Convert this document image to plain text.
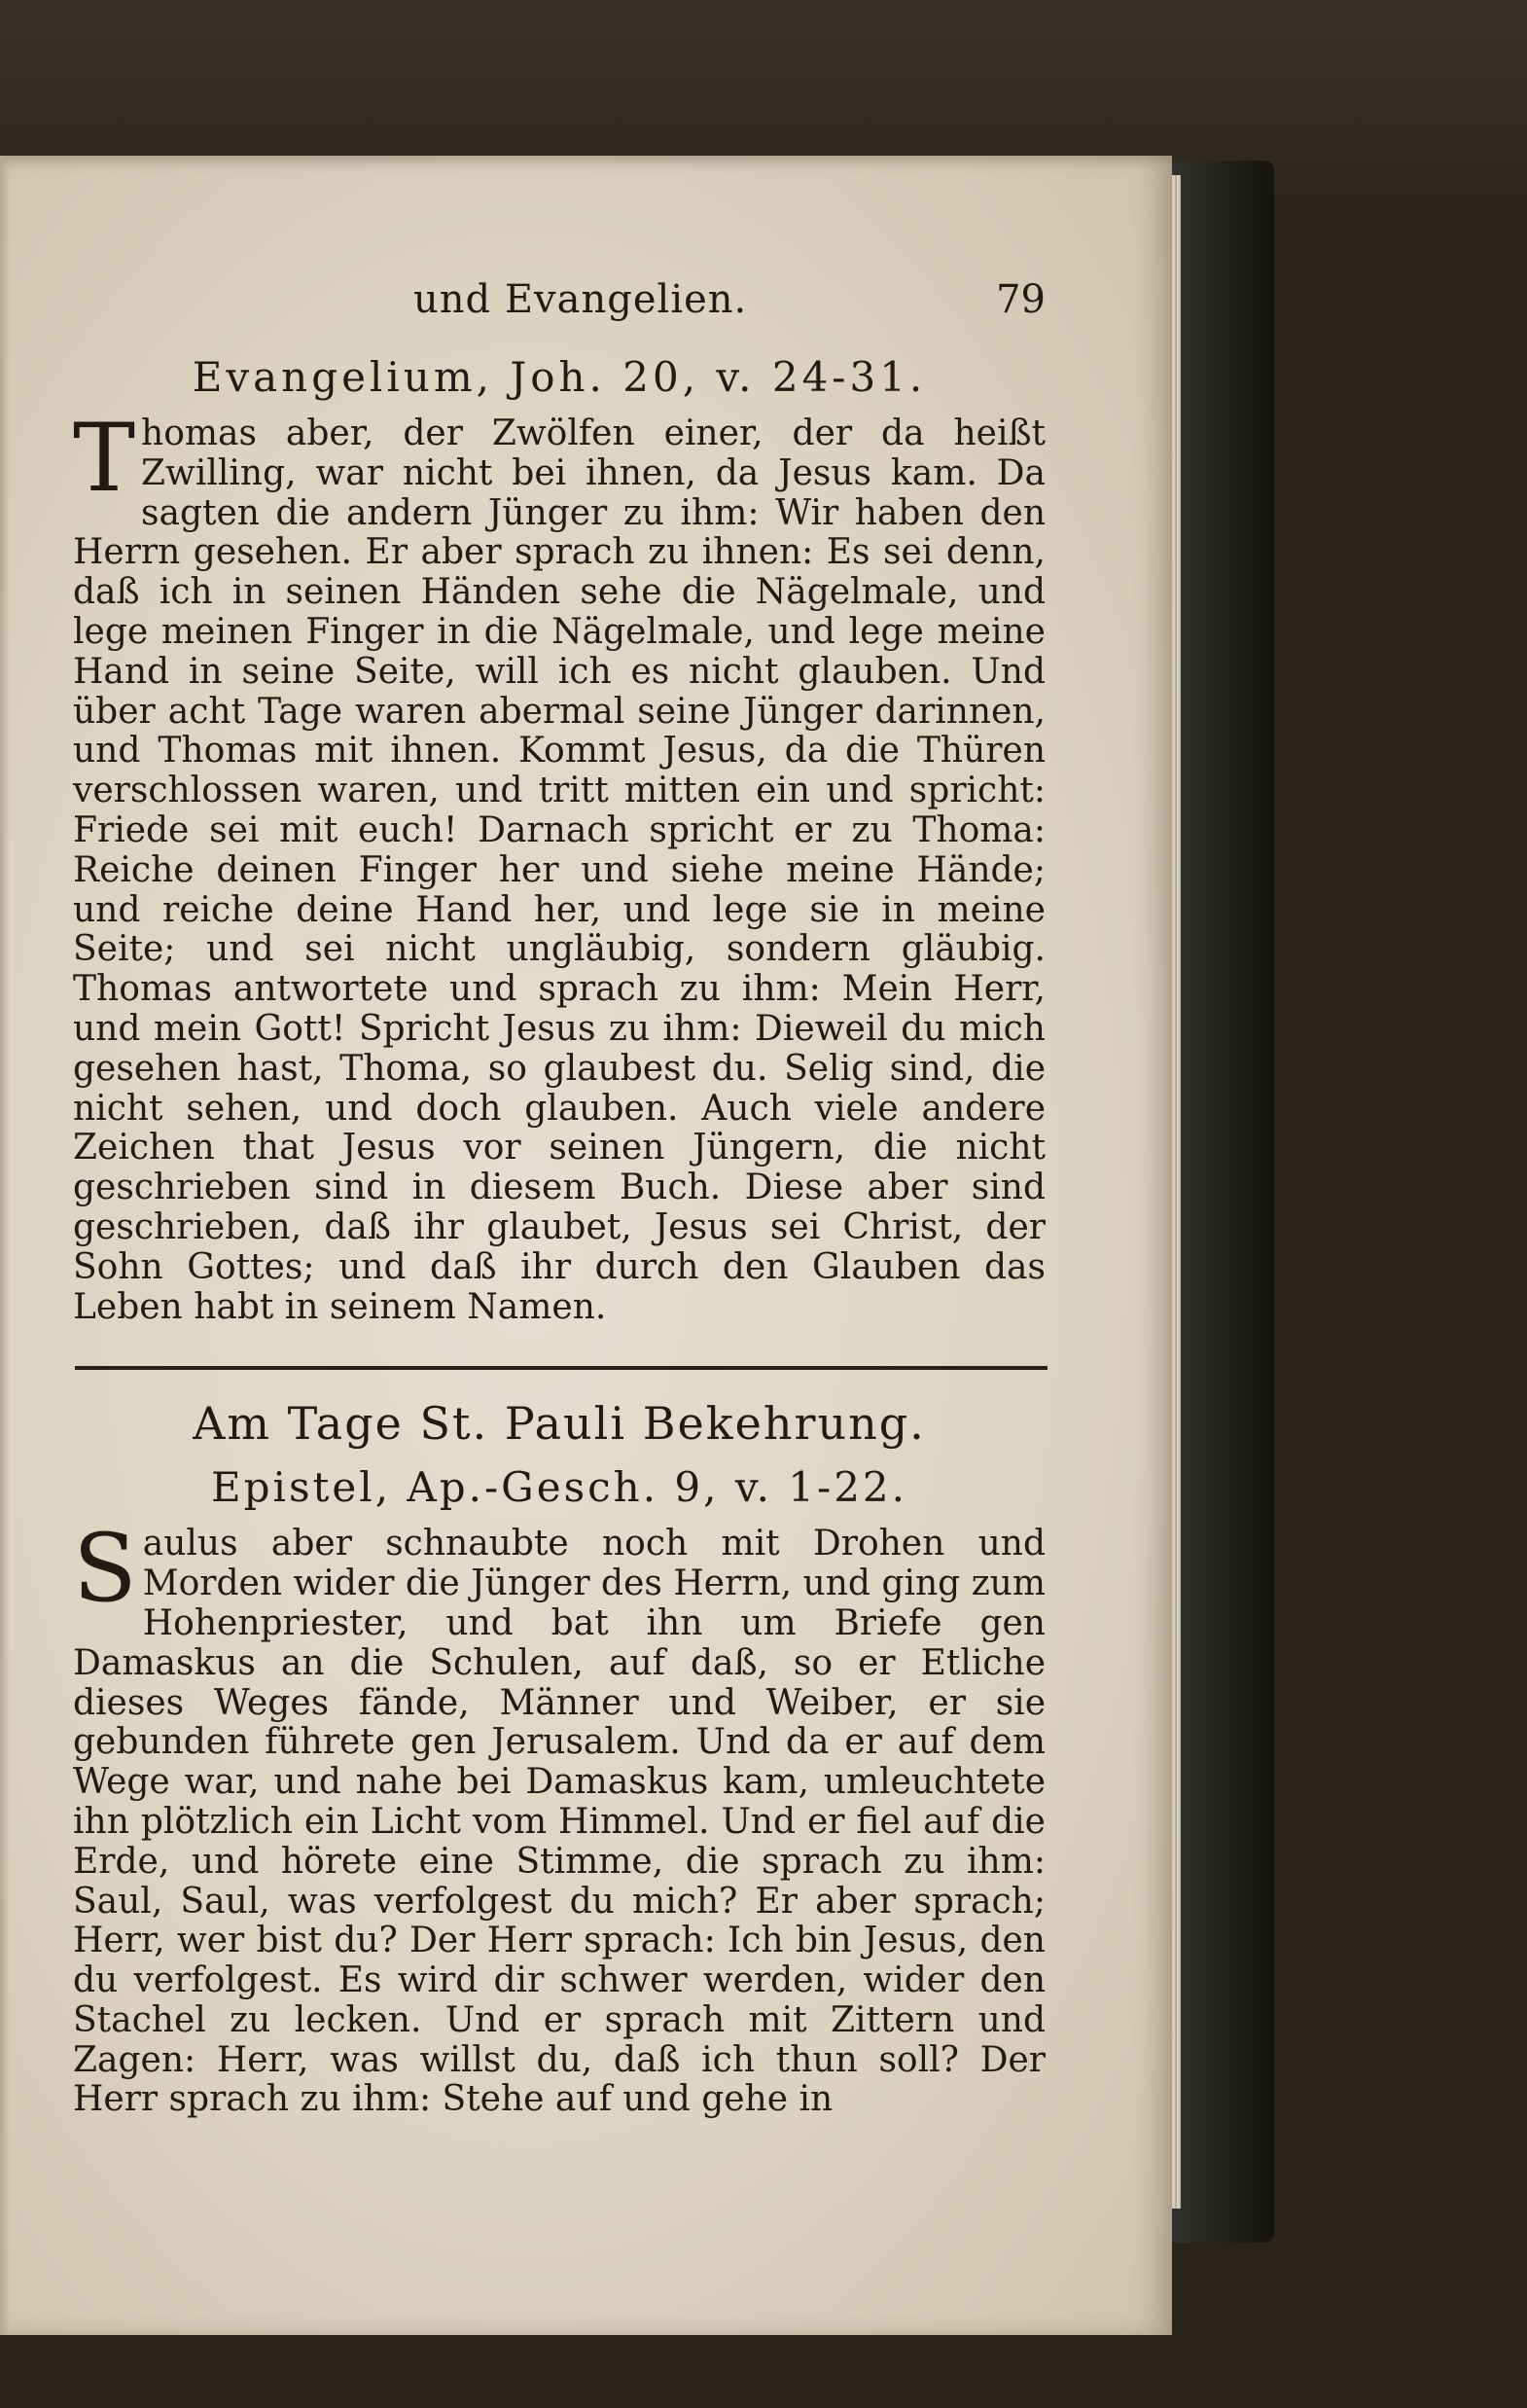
und Evangelien.	79
Evangelium, Joh. 20, v. 24-31.
Thomas aber, der Zwölfen einer, der da heißt Zwilling, war nicht bei ihnen, da Jesus kam. Da sagten die andern Jünger zu ihm: Wir haben den Herrn gesehen. Er aber sprach zu ihnen: Es sei denn, daß ich in seinen Händen sehe die Nägelmale, und lege meinen Finger in die Nägelmale, und lege meine Hand in seine Seite, will ich es nicht glauben. Und über acht Tage waren abermal seine Jünger darinnen, und Thomas mit ihnen. Kommt Jesus, da die Thüren verschlossen waren, und tritt mitten ein und spricht: Friede sei mit euch! Darnach spricht er zu Thoma: Reiche deinen Finger her und siehe meine Hände; und reiche deine Hand her, und lege sie in meine Seite; und sei nicht ungläubig, sondern gläubig. Thomas antwortete und sprach zu ihm: Mein Herr, und mein Gott! Spricht Jesus zu ihm: Dieweil du mich gesehen hast, Thoma, so glaubest du. Selig sind, die nicht sehen, und doch glauben. Auch viele andere Zeichen that Jesus vor seinen Jüngern, die nicht geschrieben sind in diesem Buch. Diese aber sind geschrieben, daß ihr glaubet, Jesus sei Christ, der Sohn Gottes; und daß ihr durch den Glauben das Leben habt in seinem Namen.
Am Tage St. Pauli Bekehrung.
Epistel, Ap.-Gesch. 9, v. 1-22.
Saulus aber schnaubte noch mit Drohen und Morden wider die Jünger des Herrn, und ging zum Hohenpriester, und bat ihn um Briefe gen Damaskus an die Schulen, auf daß, so er Etliche dieses Weges fände, Männer und Weiber, er sie gebunden führete gen Jerusalem. Und da er auf dem Wege war, und nahe bei Damaskus kam, umleuchtete ihn plötzlich ein Licht vom Himmel. Und er fiel auf die Erde, und hörete eine Stimme, die sprach zu ihm: Saul, Saul, was verfolgest du mich? Er aber sprach; Herr, wer bist du? Der Herr sprach: Ich bin Jesus, den du verfolgest. Es wird dir schwer werden, wider den Stachel zu lecken. Und er sprach mit Zittern und Zagen: Herr, was willst du, daß ich thun soll? Der Herr sprach zu ihm: Stehe auf und gehe in
